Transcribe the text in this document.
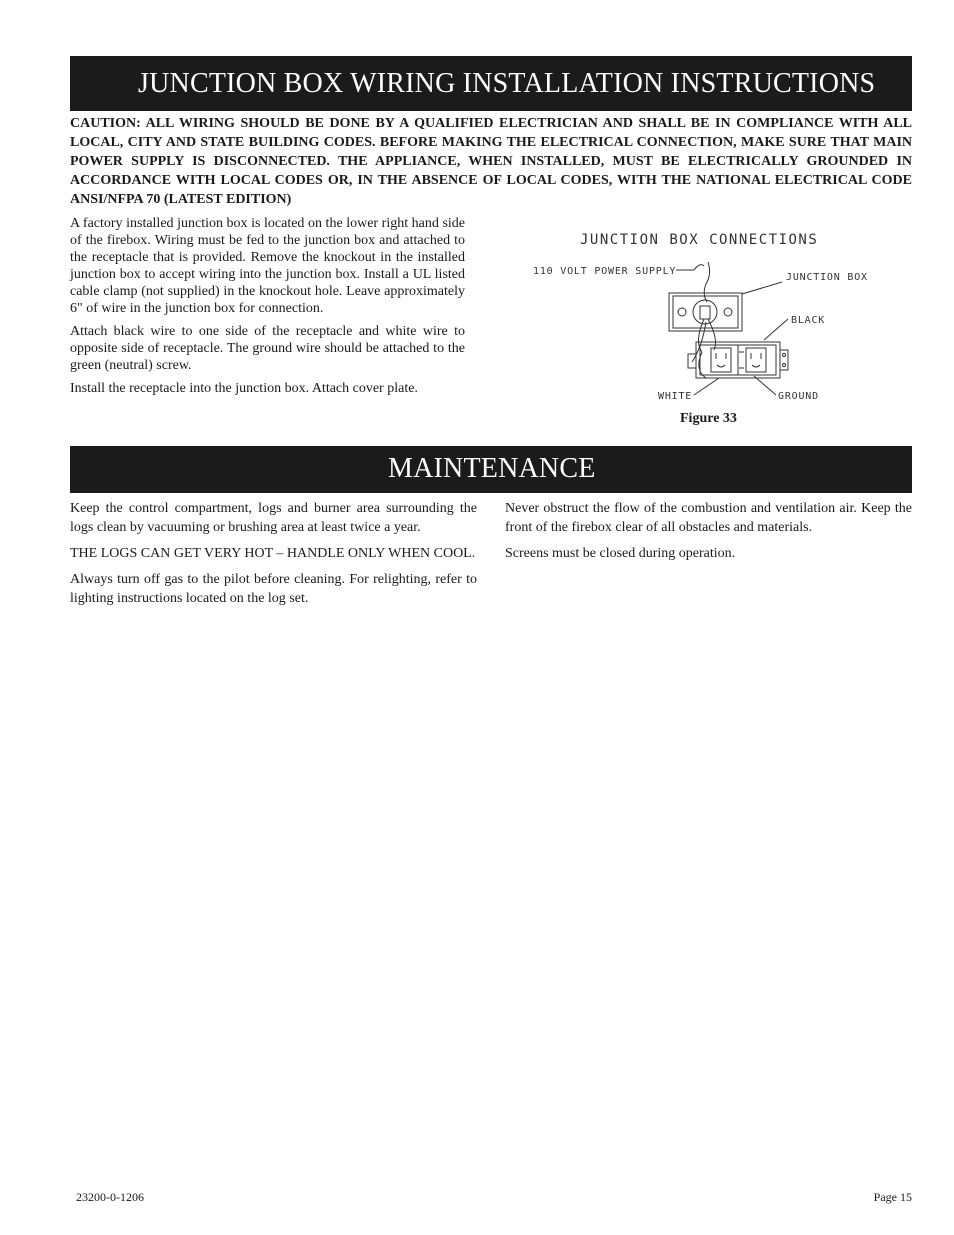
JUNCTION BOX WIRING INSTALLATION INSTRUCTIONS

CAUTION: ALL WIRING SHOULD BE DONE BY A QUALIFIED ELECTRICIAN AND SHALL BE IN COMPLIANCE WITH ALL LOCAL, CITY AND STATE BUILDING CODES. BEFORE MAKING THE ELECTRICAL CONNECTION, MAKE SURE THAT MAIN POWER SUPPLY IS DISCONNECTED. THE APPLIANCE, WHEN INSTALLED, MUST BE ELECTRICALLY GROUNDED IN ACCORDANCE WITH LOCAL CODES OR, IN THE ABSENCE OF LOCAL CODES, WITH THE NATIONAL ELECTRICAL CODE ANSI/NFPA 70 (LATEST EDITION)

A factory installed junction box is located on the lower right hand side of the firebox. Wiring must be fed to the junction box and attached to the receptacle that is provided. Remove the knockout in the installed junction box to accept wiring into the junction box. Install a UL listed cable clamp (not supplied) in the knockout hole. Leave approximately 6" of wire in the junction box for connection.

Attach black wire to one side of the receptacle and white wire to opposite side of receptacle. The ground wire should be attached to the green (neutral) screw.

Install the receptacle into the junction box. Attach cover plate.

JUNCTION BOX CONNECTIONS
110 VOLT POWER SUPPLY
JUNCTION BOX
BLACK
WHITE	GROUND
Figure 33
MAINTENANCE

Keep the control compartment, logs and burner area surrounding the logs clean by vacuuming or brushing area at least twice a year.

THE LOGS CAN GET VERY HOT – HANDLE ONLY WHEN COOL.

Always turn off gas to the pilot before cleaning. For relighting, refer to lighting instructions located on the log set.

Never obstruct the flow of the combustion and ventilation air. Keep the front of the firebox clear of all obstacles and materials.

Screens must be closed during operation.

23200-0-1206	Page 15
